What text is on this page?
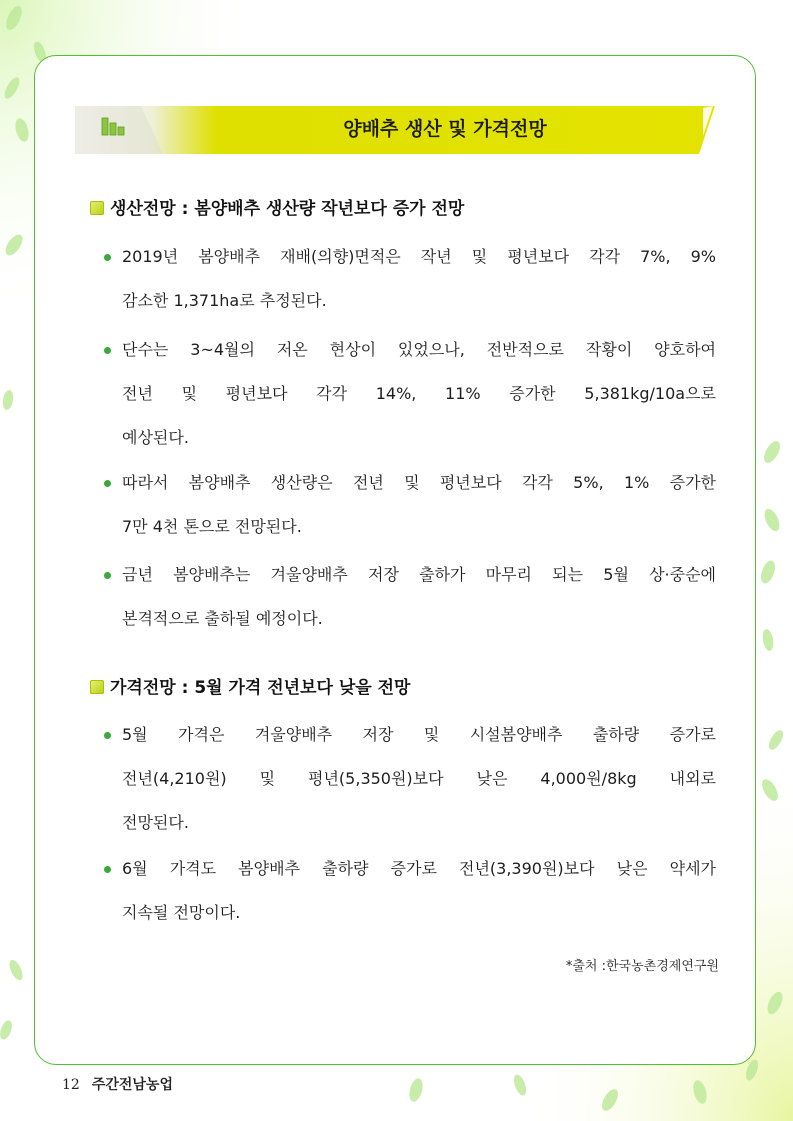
양배추 생산 및 가격전망
생산전망 : 봄양배추 생산량 작년보다 증가 전망
2019년 봄양배추 재배(의향)면적은 작년 및 평년보다 각각 7%, 9%
감소한 1,371ha로 추정된다.
단수는 3~4월의 저온 현상이 있었으나, 전반적으로 작황이 양호하여
전년 및 평년보다 각각 14%, 11% 증가한 5,381kg/10a으로
예상된다.
따라서 봄양배추 생산량은 전년 및 평년보다 각각 5%, 1% 증가한
7만 4천 톤으로 전망된다.
금년 봄양배추는 겨울양배추 저장 출하가 마무리 되는 5월 상·중순에
본격적으로 출하될 예정이다.
가격전망 : 5월 가격 전년보다 낮을 전망
5월 가격은 겨울양배추 저장 및 시설봄양배추 출하량 증가로
전년(4,210원) 및 평년(5,350원)보다 낮은 4,000원/8kg 내외로
전망된다.
6월 가격도 봄양배추 출하량 증가로 전년(3,390원)보다 낮은 약세가
지속될 전망이다.
*출처 :한국농촌경제연구원
12 주간전남농업
